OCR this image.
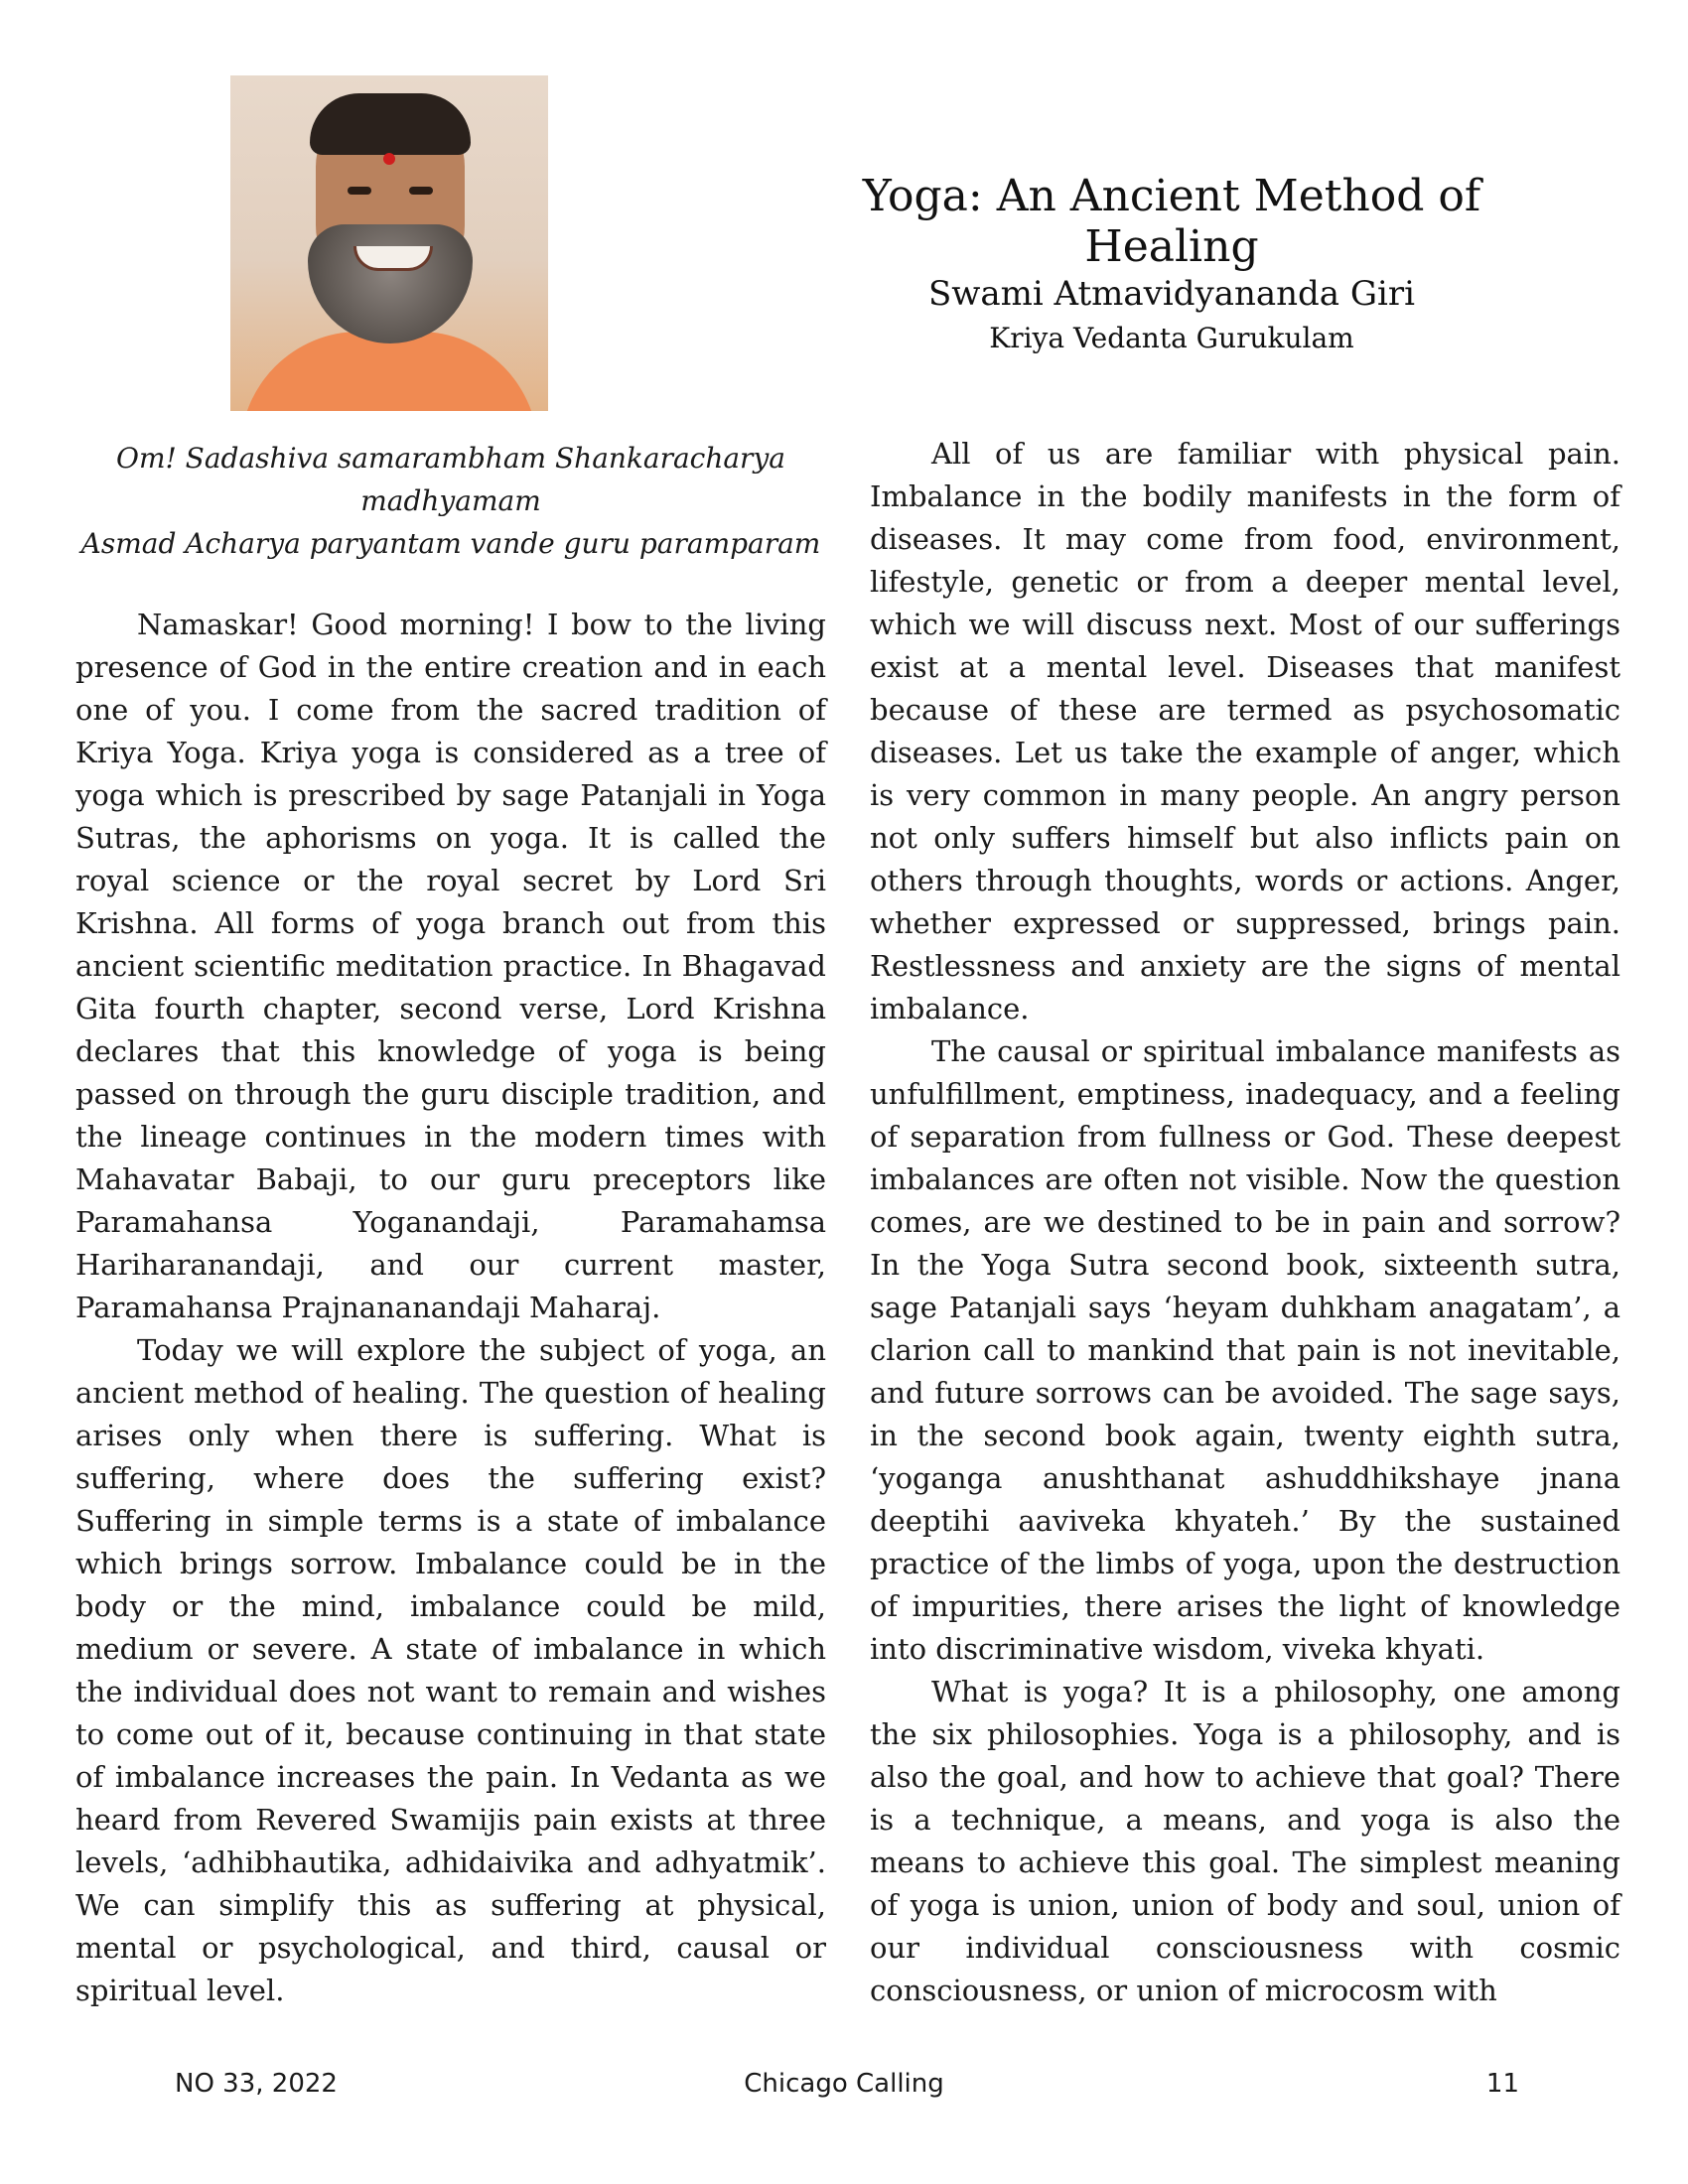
Yoga: An Ancient Method of Healing
Swami Atmavidyananda Giri
Kriya Vedanta Gurukulam
Om! Sadashiva samarambham Shankaracharya
madhyamam
Asmad Acharya paryantam vande guru paramparam

Namaskar! Good morning! I bow to the living presence of God in the entire creation and in each one of you. I come from the sacred tradition of Kriya Yoga. Kriya yoga is considered as a tree of yoga which is prescribed by sage Patanjali in Yoga Sutras, the aphorisms on yoga. It is called the royal science or the royal secret by Lord Sri Krishna. All forms of yoga branch out from this ancient scientific meditation practice. In Bhagavad Gita fourth chapter, second verse, Lord Krishna declares that this knowledge of yoga is being passed on through the guru disciple tradition, and the lineage continues in the modern times with Mahavatar Babaji, to our guru preceptors like Paramahansa Yoganandaji, Paramahamsa Hariharanandaji, and our current master, Paramahansa Prajnananandaji Maharaj.

Today we will explore the subject of yoga, an ancient method of healing. The question of healing arises only when there is suffering. What is suffering, where does the suffering exist? Suffering in simple terms is a state of imbalance which brings sorrow. Imbalance could be in the body or the mind, imbalance could be mild, medium or severe. A state of imbalance in which the individual does not want to remain and wishes to come out of it, because continuing in that state of imbalance increases the pain. In Vedanta as we heard from Revered Swamijis pain exists at three levels, ‘adhibhautika, adhidaivika and adhyatmik’. We can simplify this as suffering at physical, mental or psychological, and third, causal or spiritual level.

All of us are familiar with physical pain. Imbalance in the bodily manifests in the form of diseases. It may come from food, environment, lifestyle, genetic or from a deeper mental level, which we will discuss next. Most of our sufferings exist at a mental level. Diseases that manifest because of these are termed as psychosomatic diseases. Let us take the example of anger, which is very common in many people. An angry person not only suffers himself but also inflicts pain on others through thoughts, words or actions. Anger, whether expressed or suppressed, brings pain. Restlessness and anxiety are the signs of mental imbalance.

The causal or spiritual imbalance manifests as unfulfillment, emptiness, inadequacy, and a feeling of separation from fullness or God. These deepest imbalances are often not visible. Now the question comes, are we destined to be in pain and sorrow? In the Yoga Sutra second book, sixteenth sutra, sage Patanjali says ‘heyam duhkham anagatam’, a clarion call to mankind that pain is not inevitable, and future sorrows can be avoided. The sage says, in the second book again, twenty eighth sutra, ‘yoganga anushthanat ashuddhikshaye jnana deeptihi aaviveka khyateh.’ By the sustained practice of the limbs of yoga, upon the destruction of impurities, there arises the light of knowledge into discriminative wisdom, viveka khyati.

What is yoga? It is a philosophy, one among the six philosophies. Yoga is a philosophy, and is also the goal, and how to achieve that goal? There is a technique, a means, and yoga is also the means to achieve this goal. The simplest meaning of yoga is union, union of body and soul, union of our individual consciousness with cosmic consciousness, or union of microcosm with

Chicago Calling
NO 33, 2022	11
